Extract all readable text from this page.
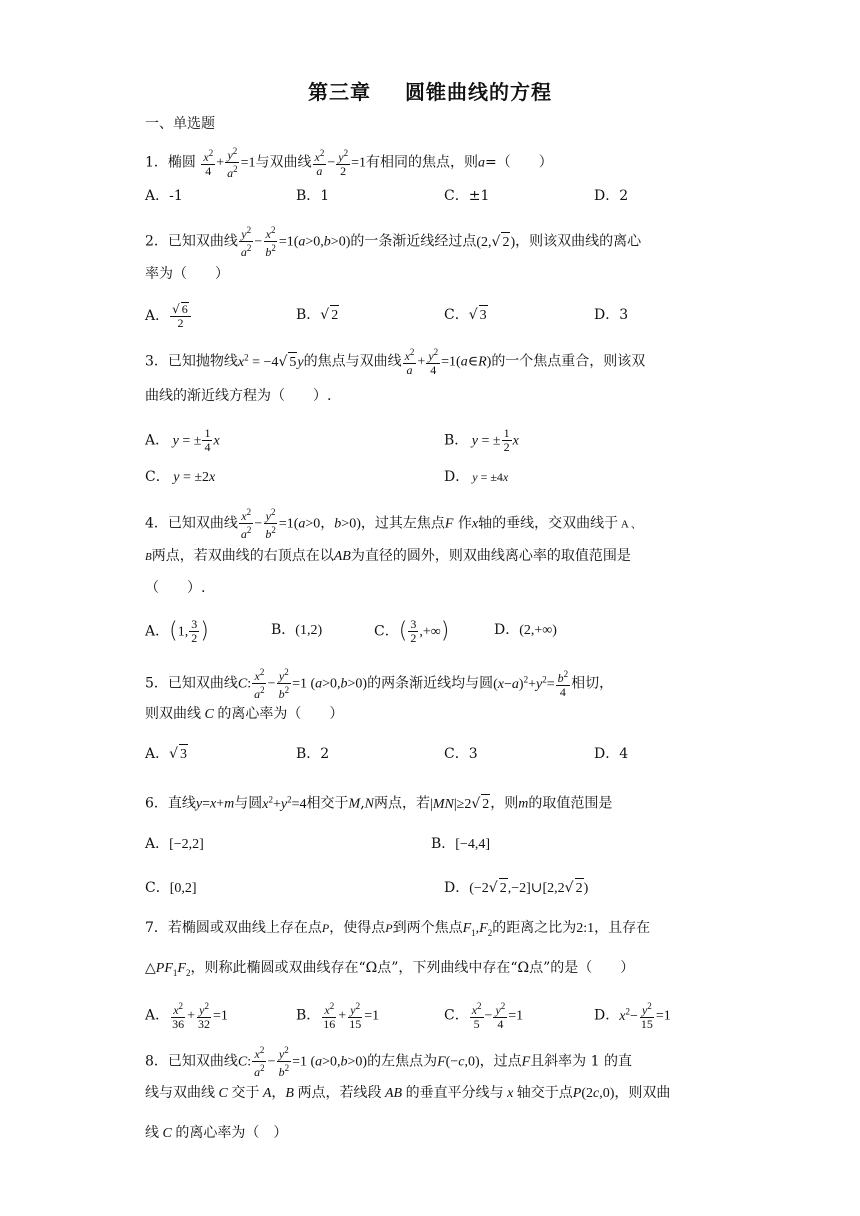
第三章 圆锥曲线的方程
一、单选题
1．椭圆 $\frac{x^2}{4} + \frac{y^2}{a^2} =1$与双曲线 $\frac{x^2}{a} - \frac{y^2}{2} =1$有相同的焦点，则a=（　　）
A．-1	B．1	C．±1	D．2
2．已知双曲线 $\frac{y^2}{a^2} - \frac{x^2}{b^2} =1(a>0,b>0)$的一条渐近线经过点(2,√ 2)，则该双曲线的离心
率为（　　）
A． $\frac{√ 6}{2}$	B．√ 2	C．√ 3	D．3
3．已知抛物线$x^2 = -4√$ 5y的焦点与双曲线 $\frac{x^2}{a} + \frac{y^2}{4}$ =1(a∈R)的一个焦点重合，则该双
曲线的渐近线方程为（　　）.
A． y = ± $\frac{1}{4}$ x	B． y = ± $\frac{1}{2}$ x
C． y = ±2x	D． y = ±4x
4．已知双曲线 $\frac{x^2}{a^2} - \frac{y^2}{b^2} =1(a>0$，b>0)，过其左焦点F 作x轴的垂线，交双曲线于 A 、
B两点，若双曲线的右顶点在以AB为直径的圆外，则双曲线离心率的取值范围是
（　　）.
A．(1, $\frac{3}{2}$ )	B．(1,2)	C．( $\frac{3}{2}$ ,+∞)	D．(2,+∞)
5．已知双曲线C: $\frac{x^2}{a^2} - \frac{y^2}{b^2} =1$ (a>0,b>0)的两条渐近线均与圆$(x-a)^2+y^2= \frac{b^2}{4}$ 相切，
则双曲线 C 的离心率为（　　）
A．√ 3	B．2	C．3	D．4
6．直线y=x+m与圆$x^2+y^2=4$相交于M,N两点，若|MN|≥2√ 2，则m的取值范围是
A．[−2,2]	B．[−4,4]
C．[0,2]	D．(−2√ 2,−2]∪[2,2√ 2)
7．若椭圆或双曲线上存在点P，使得点P到两个焦点$F_1,F_2$的距离之比为2:1，且存在
$\triangle PF_1F_2$，则称此椭圆或双曲线存在“Ω点”，下列曲线中存在“Ω点”的是（　　）
A． $\frac{x^2}{36} + \frac{y^2}{32} =1$	B． $\frac{x^2}{16} + \frac{y^2}{15} =1$	C． $\frac{x^2}{5} - \frac{y^2}{4} =1$	D．$x^2- \frac{y^2}{15} =1$
8．已知双曲线C: $\frac{x^2}{a^2} - \frac{y^2}{b^2} =1$ (a>0,b>0)的左焦点为F(−c,0)，过点F且斜率为 1 的直
线与双曲线 C 交于 A，B 两点，若线段 AB 的垂直平分线与 x 轴交于点P(2c,0)，则双曲
线 C 的离心率为（　）
